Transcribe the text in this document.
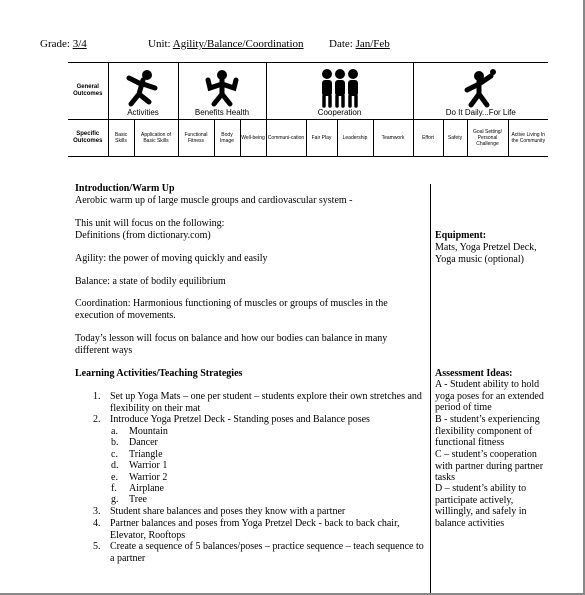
Grade: 3/4	Unit: Agility/Balance/Coordination Date: Jan/Feb
General Outcomes	Activities		Benefits Health			Cooperation				Do It Daily...For Life			

Specific Outcomes	Basic Skills	Application of Basic Skills	Functional Fitness	Body Image	Well-being	Communi-cation	Fair Play	Leadership	Teamwork	Effort	Safety	Goal Setting/ Personal Challenge	Active Living In the Community
Introduction/Warm Up
Aerobic warm up of large muscle groups and cardiovascular system -
This unit will focus on the following:
Definitions (from dictionary.com)
Agility: the power of moving quickly and easily
Balance: a state of bodily equilibrium
Coordination: Harmonious functioning of muscles or groups of muscles in the execution of movements.
Today’s lesson will focus on balance and how our bodies can balance in many different ways
Learning Activities/Teaching Strategies
1. Set up Yoga Mats – one per student – students explore their own stretches and flexibility on their mat
2. Introduce Yoga Pretzel Deck - Standing poses and Balance poses
a. Mountain
b. Dancer
c. Triangle
d. Warrior 1
e. Warrior 2
f. Airplane
g. Tree
3. Student share balances and poses they know with a partner
4. Partner balances and poses from Yoga Pretzel Deck - back to back chair, Elevator, Rooftops
5. Create a sequence of 5 balances/poses – practice sequence – teach sequence to a partner
Equipment:
Mats, Yoga Pretzel Deck, Yoga music (optional)
Assessment Ideas:
A - Student ability to hold yoga poses for an extended period of time
B - student’s experiencing flexibility component of functional fitness
C – student’s cooperation with partner during partner tasks
D – student’s ability to participate actively, willingly, and safely in balance activities
